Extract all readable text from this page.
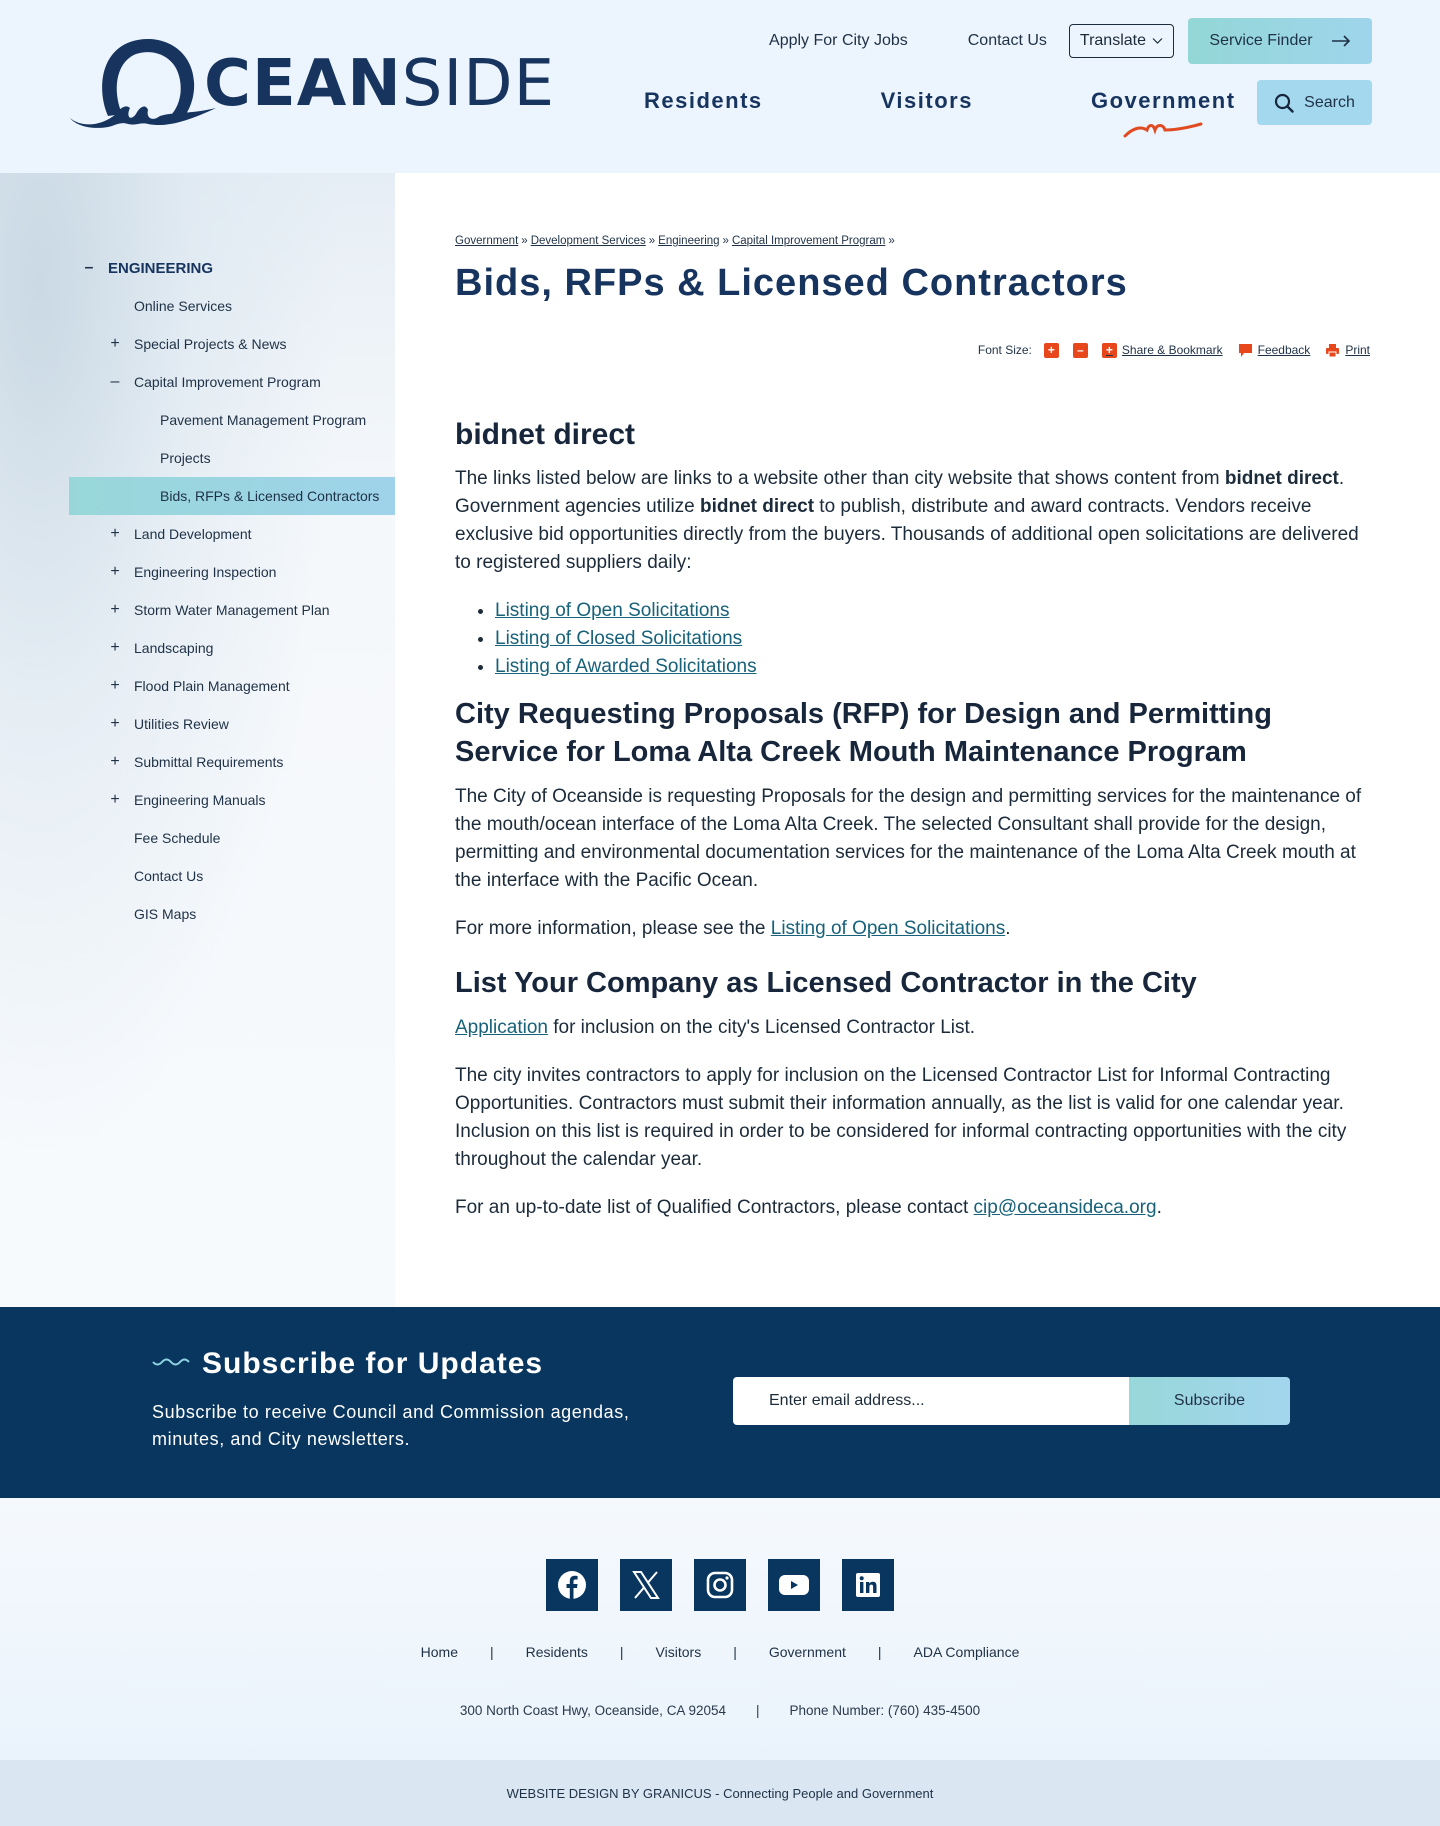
CEANSIDE
Apply For City Jobs	Contact Us Translate	Service Finder
Residents	Visitors	Government	Search
– ENGINEERING
Online Services
+ Special Projects & News
– Capital Improvement Program
Pavement Management Program
Projects
Bids, RFPs & Licensed Contractors
+ Land Development
+ Engineering Inspection
+ Storm Water Management Plan
+ Landscaping
+ Flood Plain Management
+ Utilities Review
+ Submittal Requirements
+ Engineering Manuals
Fee Schedule
Contact Us
GIS Maps
Government » Development Services » Engineering » Capital Improvement Program »
Bids, RFPs & Licensed Contractors
Font Size:	+	–	+ Share & Bookmark	Feedback	Print
bidnet direct

The links listed below are links to a website other than city website that shows content from bidnet direct. Government agencies utilize bidnet direct to publish, distribute and award contracts. Vendors receive exclusive bid opportunities directly from the buyers. Thousands of additional open solicitations are delivered to registered suppliers daily:

• Listing of Open Solicitations
• Listing of Closed Solicitations
• Listing of Awarded Solicitations
City Requesting Proposals (RFP) for Design and Permitting Service for Loma Alta Creek Mouth Maintenance Program

The City of Oceanside is requesting Proposals for the design and permitting services for the maintenance of the mouth/ocean interface of the Loma Alta Creek. The selected Consultant shall provide for the design, permitting and environmental documentation services for the maintenance of the Loma Alta Creek mouth at the interface with the Pacific Ocean.

For more information, please see the Listing of Open Solicitations.

List Your Company as Licensed Contractor in the City

Application for inclusion on the city's Licensed Contractor List.

The city invites contractors to apply for inclusion on the Licensed Contractor List for Informal Contracting Opportunities. Contractors must submit their information annually, as the list is valid for one calendar year. Inclusion on this list is required in order to be considered for informal contracting opportunities with the city throughout the calendar year.

For an up-to-date list of Qualified Contractors, please contact cip@oceansideca.org.

Subscribe for Updates

Subscribe to receive Council and Commission agendas, minutes, and City newsletters.

Enter email address...
Subscribe
Home | Residents | Visitors | Government | ADA Compliance
300 North Coast Hwy, Oceanside, CA 92054 | Phone Number: (760) 435-4500
WEBSITE DESIGN BY GRANICUS - Connecting People and Government
